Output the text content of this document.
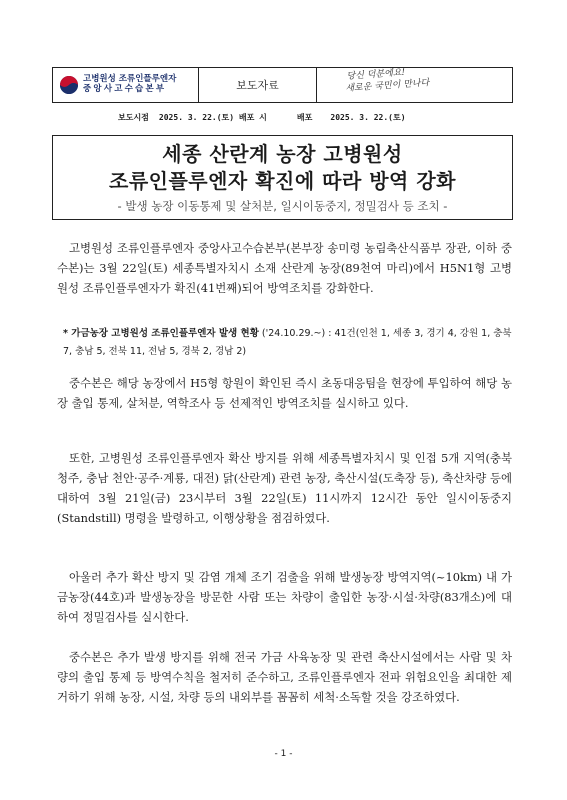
고병원성 조류인플루엔자
중앙사고수습본부	보도자료
당신 덕분에요!
새로운 국민이 만나다
보도시점 2025. 3. 22.(토) 배포 시	배포 2025. 3. 22.(토)
세종 산란계 농장 고병원성
조류인플루엔자 확진에 따라 방역 강화
- 발생 농장 이동통제 및 살처분, 일시이동중지, 정밀검사 등 조치 -

고병원성 조류인플루엔자 중앙사고수습본부(본부장 송미령 농림축산식품부 장관, 이하 중수본)는 3월 22일(토) 세종특별자치시 소재 산란계 농장(89천여 마리)에서 H5N1형 고병원성 조류인플루엔자가 확진(41번째)되어 방역조치를 강화한다.

* 가금농장 고병원성 조류인플루엔자 발생 현황 ('24.10.29.~) : 41건(인천 1, 세종 3, 경기 4, 강원 1, 충북 7, 충남 5, 전북 11, 전남 5, 경북 2, 경남 2)

중수본은 해당 농장에서 H5형 항원이 확인된 즉시 초동대응팀을 현장에 투입하여 해당 농장 출입 통제, 살처분, 역학조사 등 선제적인 방역조치를 실시하고 있다.

또한, 고병원성 조류인플루엔자 확산 방지를 위해 세종특별자치시 및 인접 5개 지역(충북 청주, 충남 천안·공주·계룡, 대전) 닭(산란계) 관련 농장, 축산시설(도축장 등), 축산차량 등에 대하여 3월 21일(금) 23시부터 3월 22일(토) 11시까지 12시간 동안 일시이동중지(Standstill) 명령을 발령하고, 이행상황을 점검하였다.

아울러 추가 확산 방지 및 감염 개체 조기 검출을 위해 발생농장 방역지역(~10km) 내 가금농장(44호)과 발생농장을 방문한 사람 또는 차량이 출입한 농장·시설·차량(83개소)에 대하여 정밀검사를 실시한다.

중수본은 추가 발생 방지를 위해 전국 가금 사육농장 및 관련 축산시설에서는 사람 및 차량의 출입 통제 등 방역수칙을 철저히 준수하고, 조류인플루엔자 전파 위험요인을 최대한 제거하기 위해 농장, 시설, 차량 등의 내외부를 꼼꼼히 세척·소독할 것을 강조하였다.

- 1 -
